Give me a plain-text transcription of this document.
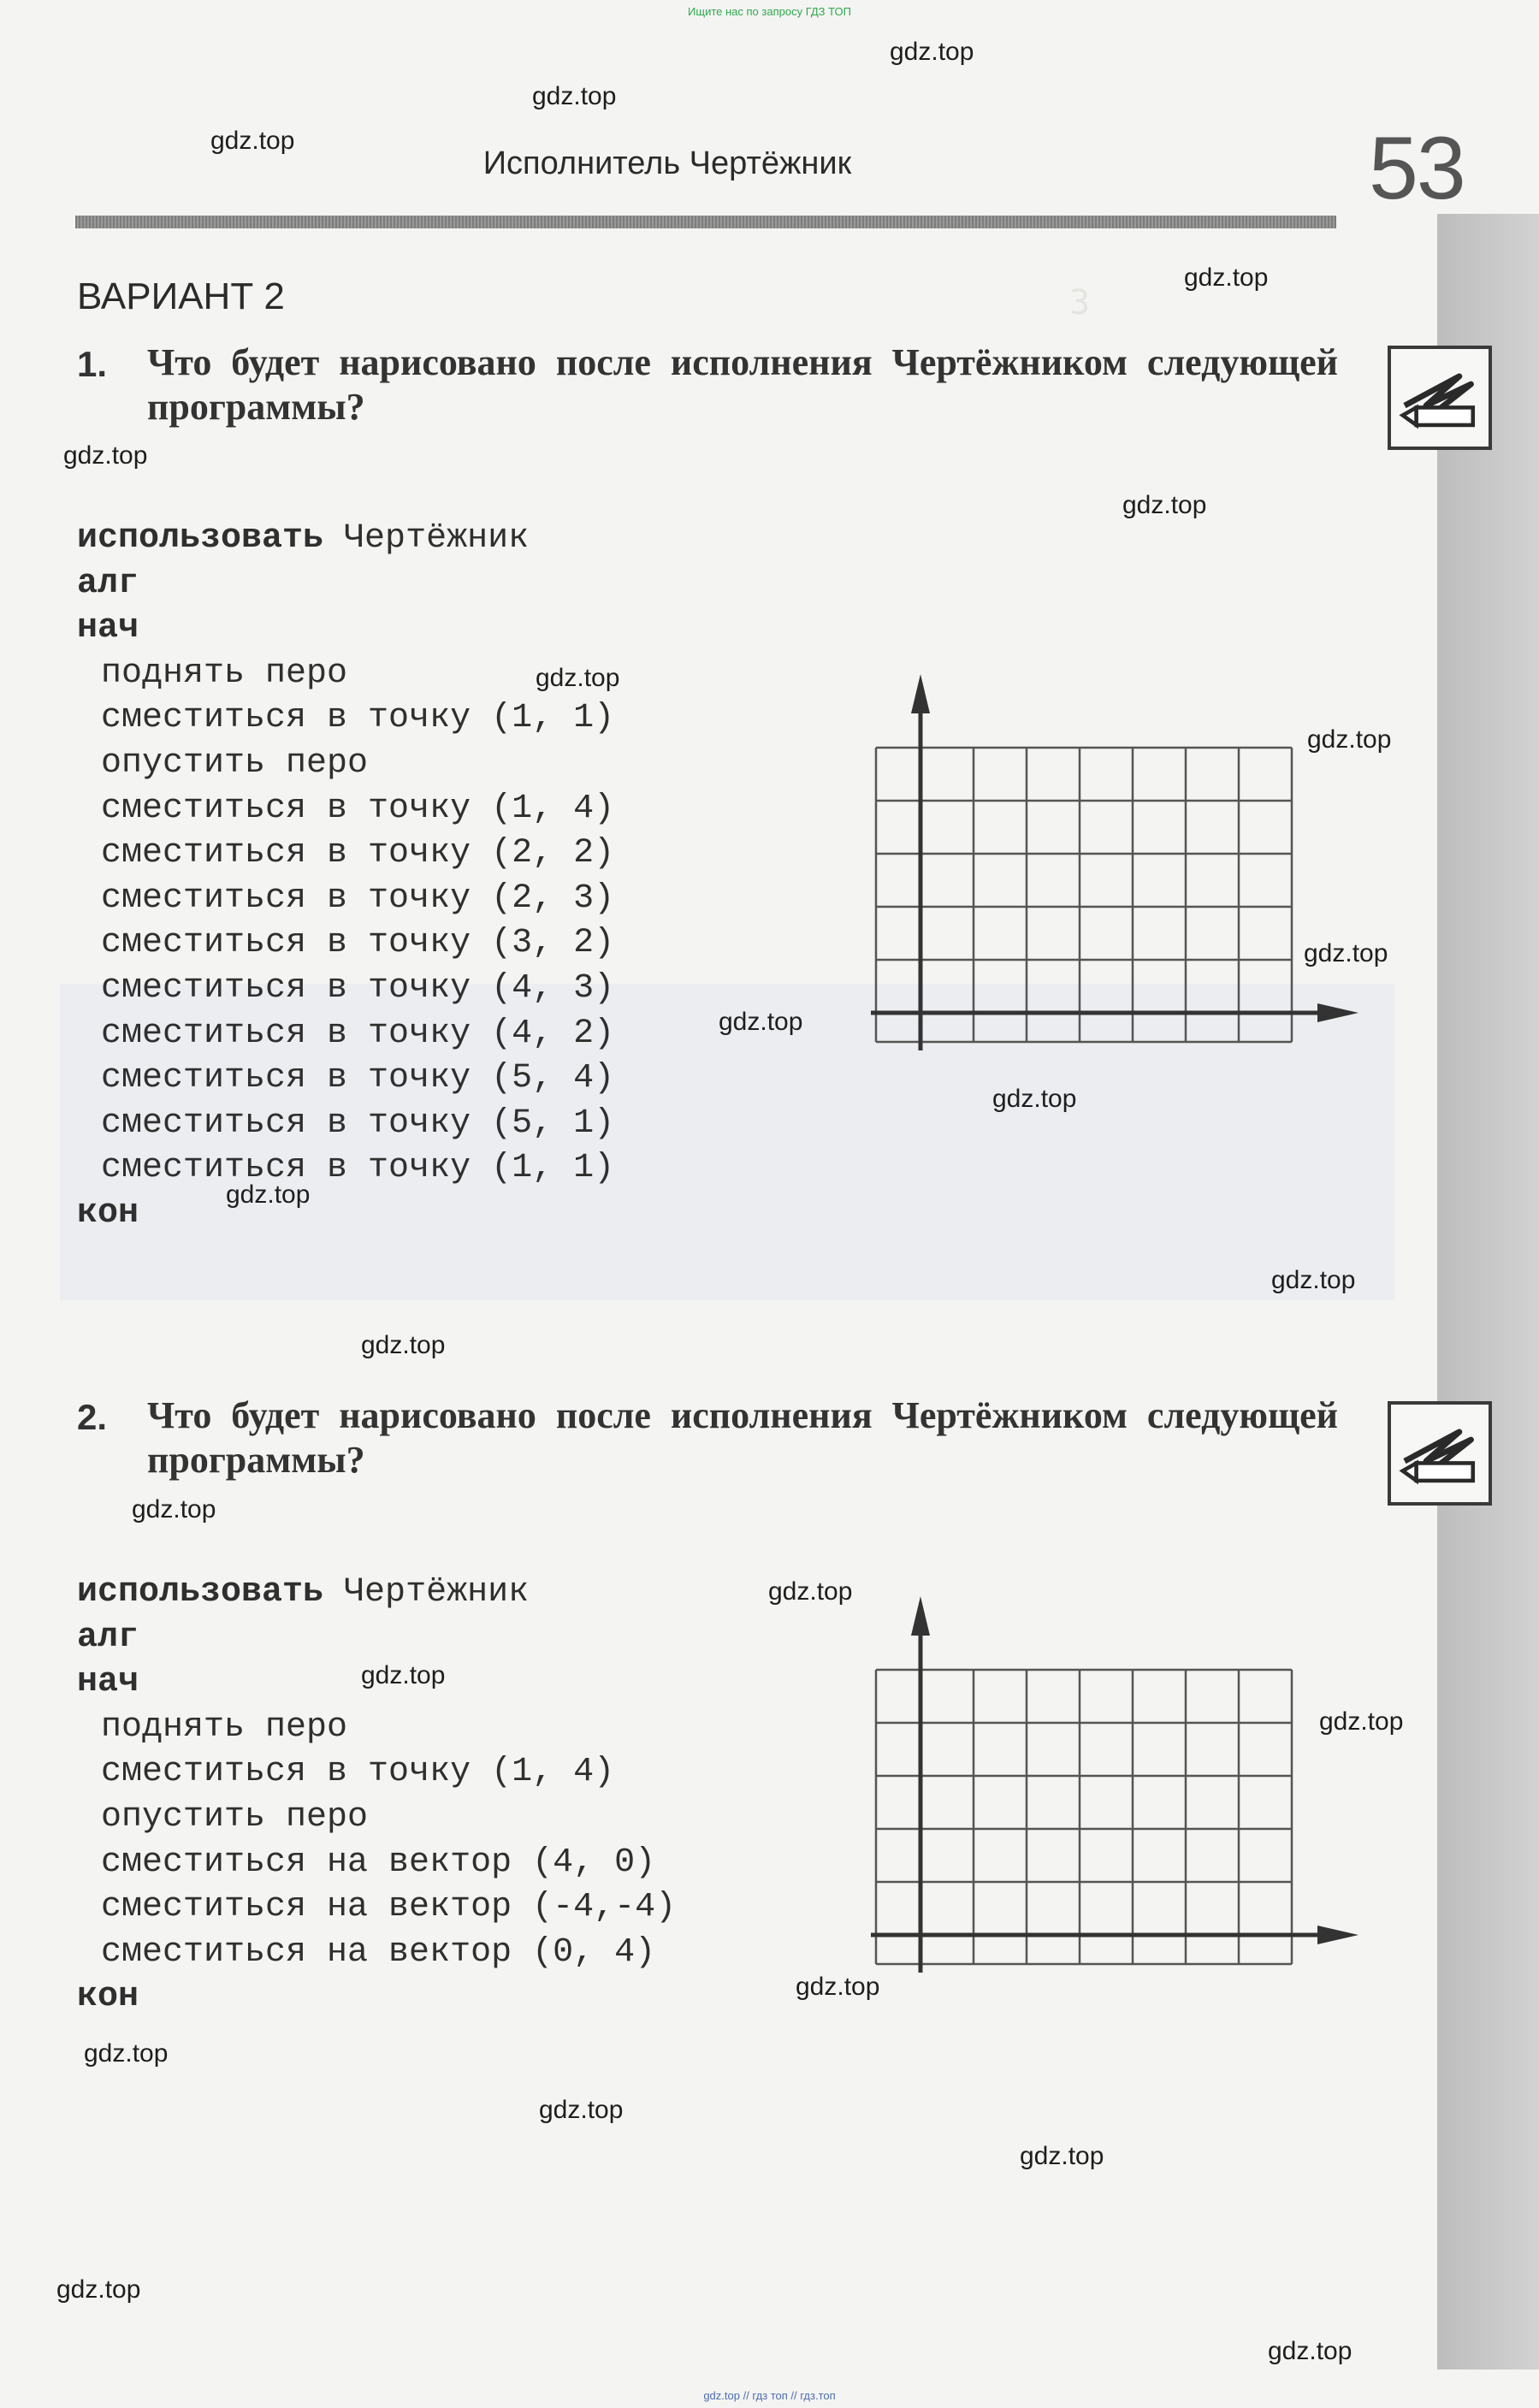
3

Ищите нас по запросу ГДЗ ТОП
Исполнитель Чертёжник	53
ВАРИАНТ 2
1. Что будет нарисовано после исполнения Чертёжником следующей программы?
использовать Чертёжник
алг
нач
поднять перо
сместиться в точку (1, 1)
опустить перо
сместиться в точку (1, 4)
сместиться в точку (2, 2)
сместиться в точку (2, 3)
сместиться в точку (3, 2)
сместиться в точку (4, 3)
сместиться в точку (4, 2)
сместиться в точку (5, 4)
сместиться в точку (5, 1)
сместиться в точку (1, 1)
кон
2. Что будет нарисовано после исполнения Чертёжником следующей программы?
использовать Чертёжник
алг
нач
поднять перо
сместиться в точку (1, 4)
опустить перо
сместиться на вектор (4, 0)
сместиться на вектор (-4,-4)
сместиться на вектор (0, 4)
кон
gdz.top
gdz.top
gdz.top
gdz.top
gdz.top
gdz.top
gdz.top
gdz.top
gdz.top
gdz.top
gdz.top
gdz.top
gdz.top
gdz.top
gdz.top
gdz.top
gdz.top
gdz.top
gdz.top
gdz.top
gdz.top
gdz.top
gdz.top
gdz.top
gdz.top // гдз топ // гдз.топ
